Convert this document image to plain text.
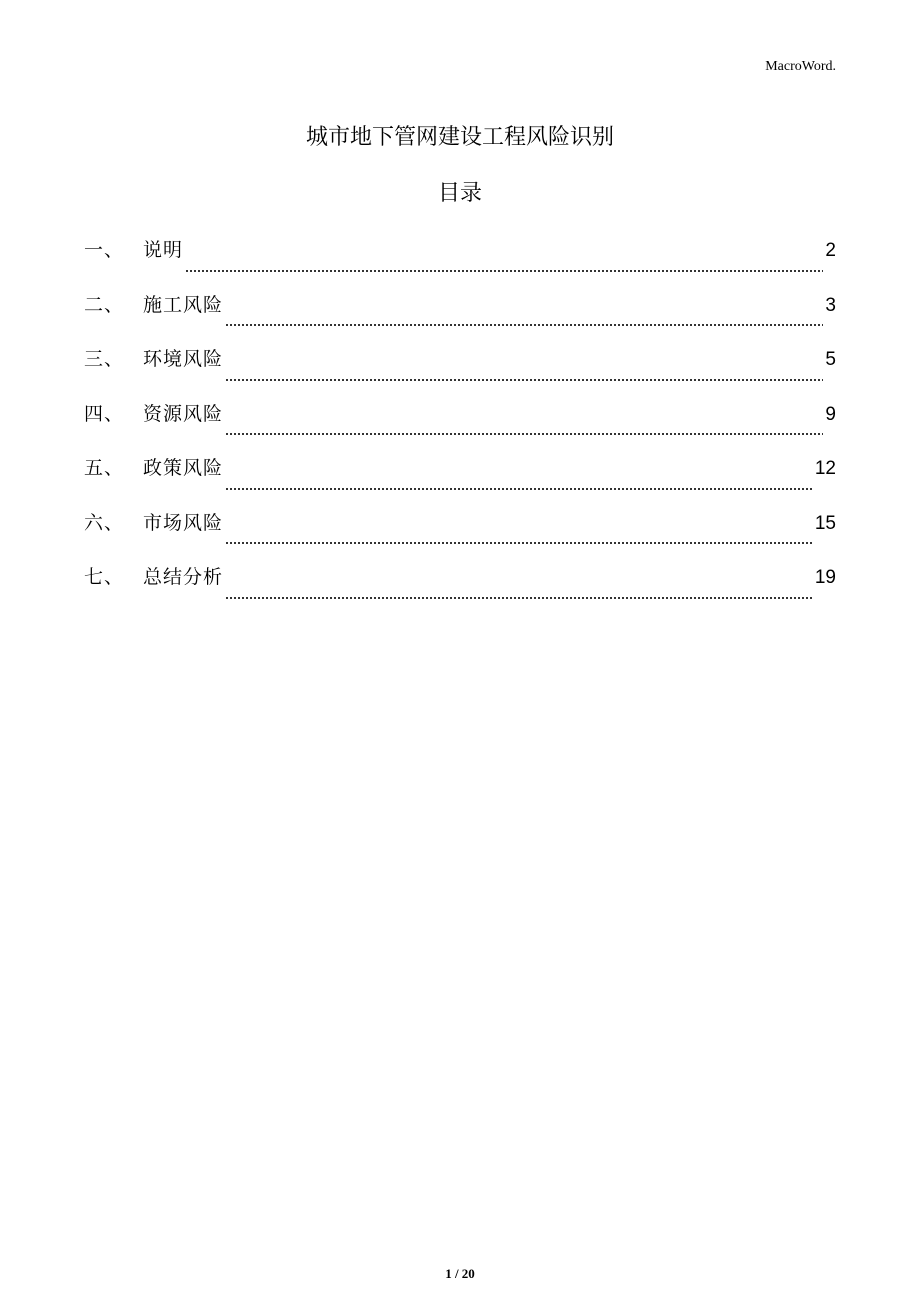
MacroWord.
城市地下管网建设工程风险识别
目录
一、 说明	2
二、 施工风险	3
三、 环境风险	5
四、 资源风险	9
五、 政策风险	12
六、 市场风险	15
七、 总结分析	19
1 / 20
